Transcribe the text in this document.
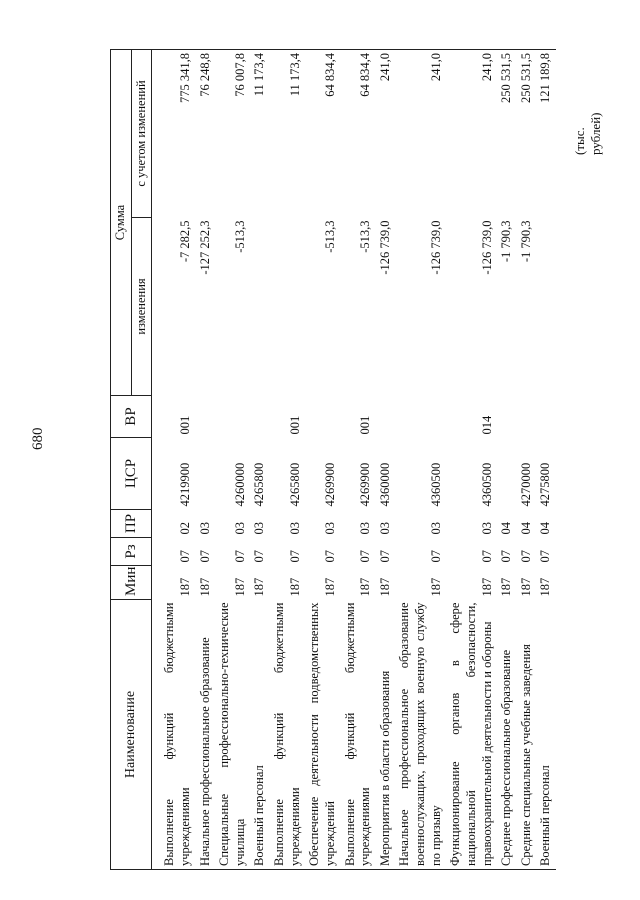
680
(тыс. рублей)
Наименование	Мин	Рз	ПР	ЦСР	ВР	Сумма	
						изменения	с учетом изменений
Выполнение функций бюджетными учреждениями	187	07	02	4219900	001	-7 282,5	775 341,8
Начальное профессиональное образование	187	07	03			-127 252,3	76 248,8
Специальные профессионально-технические училища	187	07	03	4260000		-513,3	76 007,8
Военный персонал	187	07	03	4265800			11 173,4
Выполнение функций бюджетными учреждениями	187	07	03	4265800	001		11 173,4
Обеспечение деятельности подведомственных учреждений	187	07	03	4269900		-513,3	64 834,4
Выполнение функций бюджетными учреждениями	187	07	03	4269900	001	-513,3	64 834,4
Мероприятия в области образования	187	07	03	4360000		-126 739,0	241,0
Начальное профессиональное образование военнослужащих, проходящих военную службу по призыву	187	07	03	4360500		-126 739,0	241,0
Функционирование органов в сфере национальной безопасности, правоохранительной деятельности и обороны	187	07	03	4360500	014	-126 739,0	241,0
Среднее профессиональное образование	187	07	04			-1 790,3	250 531,5
Средние специальные учебные заведения	187	07	04	4270000		-1 790,3	250 531,5
Военный персонал	187	07	04	4275800			121 189,8
